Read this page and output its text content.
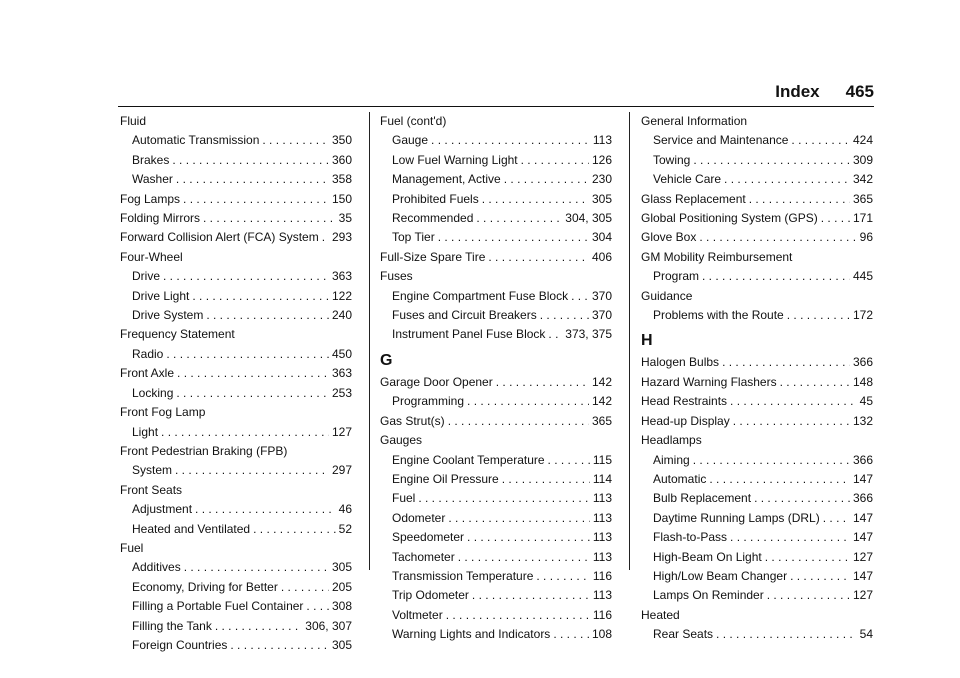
Index 465
Fluid
Automatic Transmission . . .	350
Brakes . . .	360
Washer . . .	358
Fog Lamps . . .	150
Folding Mirrors . . .	35
Forward Collision Alert (FCA) System . . . 293
Four-Wheel
Drive . . .	363
Drive Light . . .	122
Drive System . . .	240
Frequency Statement
Radio . . .	450
Front Axle . . .	363
Locking . . .	253
Front Fog Lamp
Light . . .	127
Front Pedestrian Braking (FPB)
System . . .	297
Front Seats
Adjustment . . .	46
Heated and Ventilated . . .	52
Fuel
Additives . . .	305
Economy, Driving for Better . . .	205
Filling a Portable Fuel Container . . . 308
Filling the Tank . . .	306, 307
Foreign Countries . . .	305
Fuel (cont'd)
Gauge . . .	113
Low Fuel Warning Light . . .	126
Management, Active . . .	230
Prohibited Fuels . . .	305
Recommended . . .	304, 305
Top Tier . . .	304
Full-Size Spare Tire . . .	406
Fuses
Engine Compartment Fuse Block . . . 370
Fuses and Circuit Breakers . . .	370
Instrument Panel Fuse Block . . . 373, 375
G
Garage Door Opener . . .	142
Programming . . .	142
Gas Strut(s) . . .	365
Gauges
Engine Coolant Temperature . . .	115
Engine Oil Pressure . . .	114
Fuel . . .	113
Odometer . . .	113
Speedometer . . .	113
Tachometer . . .	113
Transmission Temperature . . .	116
Trip Odometer . . .	113
Voltmeter . . .	116
Warning Lights and Indicators . . .	108
General Information
Service and Maintenance . . .	424
Towing . . .	309
Vehicle Care . . .	342
Glass Replacement . . .	365
Global Positioning System (GPS) . . .	171
Glove Box . . .	96
GM Mobility Reimbursement
Program . . .	445
Guidance
Problems with the Route . . .	172
H
Halogen Bulbs . . .	366
Hazard Warning Flashers . . .	148
Head Restraints . . .	45
Head-up Display . . .	132
Headlamps
Aiming . . .	366
Automatic . . .	147
Bulb Replacement . . .	366
Daytime Running Lamps (DRL) . . .	147
Flash-to-Pass . . .	147
High-Beam On Light . . .	127
High/Low Beam Changer . . .	147
Lamps On Reminder . . .	127
Heated
Rear Seats . . .	54
